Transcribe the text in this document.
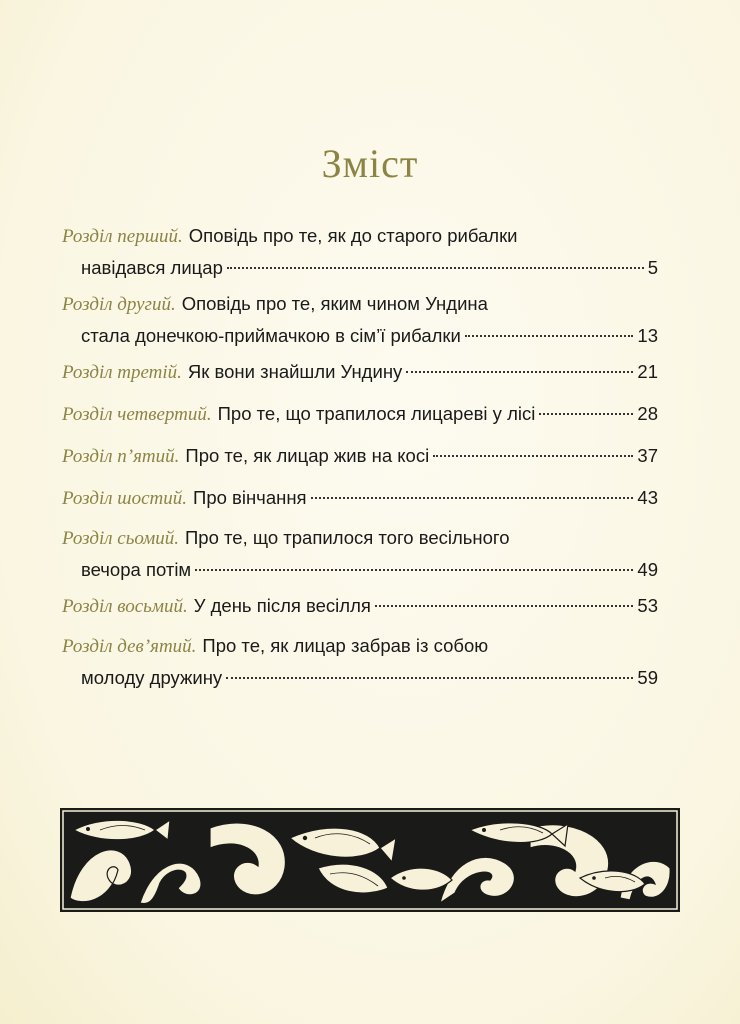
Зміст
Розділ перший. Оповідь про те, як до старого рибалки
навідався лицар	5
Розділ другий. Оповідь про те, яким чином Ундина
стала донечкою-приймачкою в сім’ї рибалки	13
Розділ третій. Як вони знайшли Ундину	21
Розділ четвертий. Про те, що трапилося лицареві у лісі	28
Розділ п’ятий. Про те, як лицар жив на косі	37
Розділ шостий. Про вінчання	43
Розділ сьомий. Про те, що трапилося того весільного
вечора потім	49
Розділ восьмий. У день після весілля	53
Розділ дев’ятий. Про те, як лицар забрав із собою
молоду дружину	59
